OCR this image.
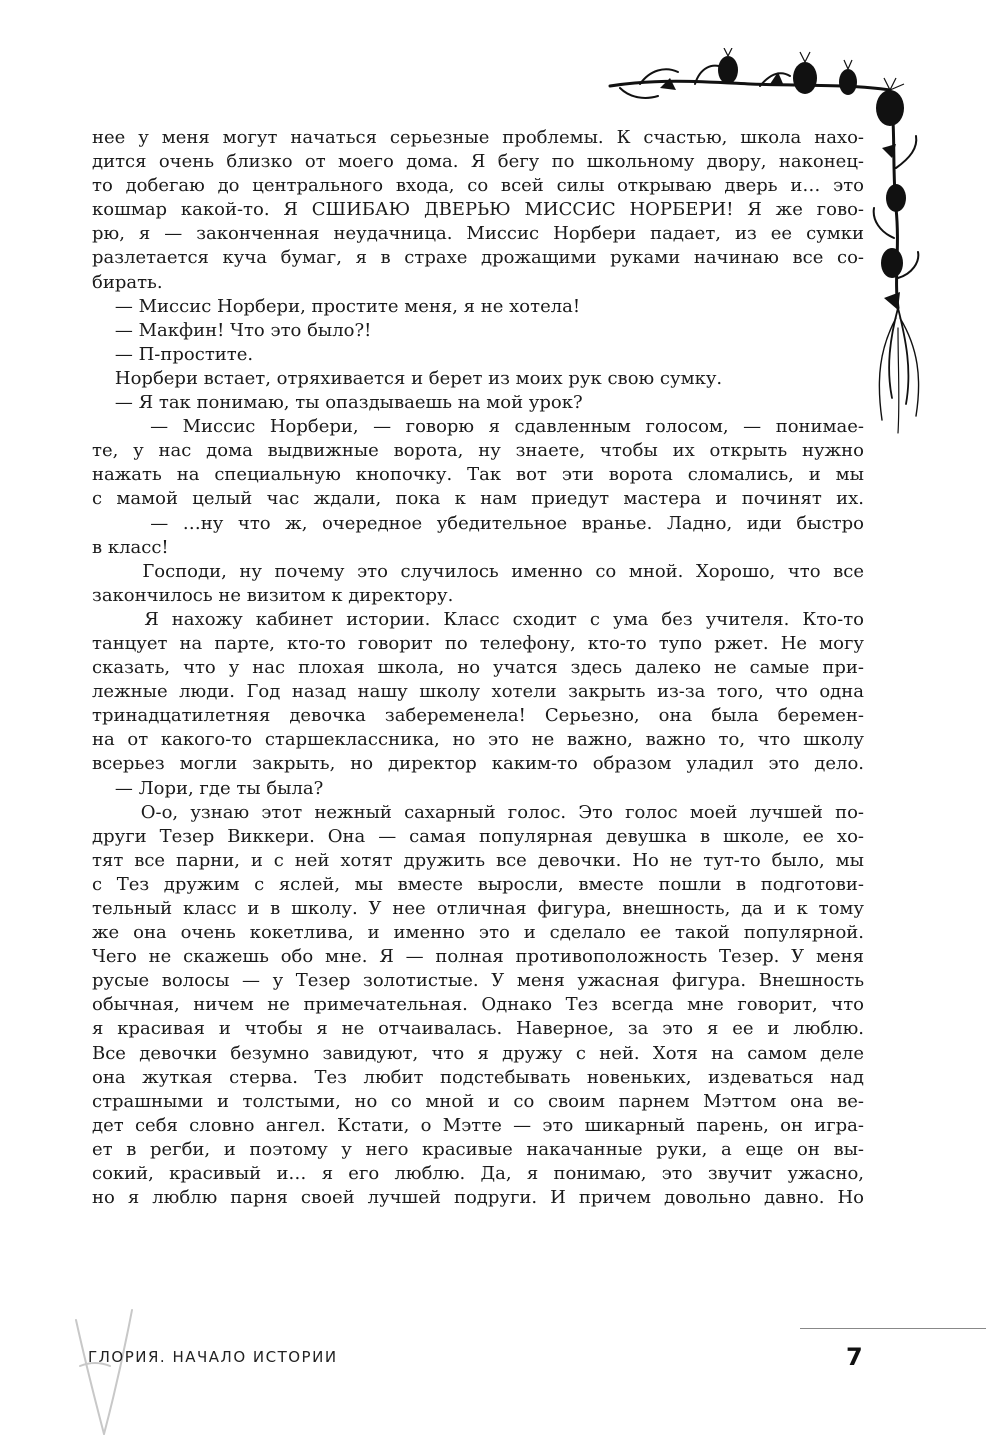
нее у меня могут начаться серьезные проблемы. К счастью, школа нахо-
дится очень близко от моего дома. Я бегу по школьному двору, наконец-
то добегаю до центрального входа, со всей силы открываю дверь и… это
кошмар какой-то. Я СШИБАЮ ДВЕРЬЮ МИССИС НОРБЕРИ! Я же гово-
рю, я — законченная неудачница. Миссис Норбери падает, из ее сумки
разлетается куча бумаг, я в страхе дрожащими руками начинаю все со-
бирать.
— Миссис Норбери, простите меня, я не хотела!
— Макфин! Что это было?!
— П-простите.
Норбери встает, отряхивается и берет из моих рук свою сумку.
— Я так понимаю, ты опаздываешь на мой урок?
— Миссис Норбери, — говорю я сдавленным голосом, — понимае-
те, у нас дома выдвижные ворота, ну знаете, чтобы их открыть нужно
нажать на специальную кнопочку. Так вот эти ворота сломались, и мы
с мамой целый час ждали, пока к нам приедут мастера и починят их.
— …ну что ж, очередное убедительное вранье. Ладно, иди быстро
в класс!
Господи, ну почему это случилось именно со мной. Хорошо, что все
закончилось не визитом к директору.
Я нахожу кабинет истории. Класс сходит с ума без учителя. Кто-то
танцует на парте, кто-то говорит по телефону, кто-то тупо ржет. Не могу
сказать, что у нас плохая школа, но учатся здесь далеко не самые при-
лежные люди. Год назад нашу школу хотели закрыть из-за того, что одна
тринадцатилетняя девочка забеременела! Серьезно, она была беремен-
на от какого-то старшеклассника, но это не важно, важно то, что школу
всерьез могли закрыть, но директор каким-то образом уладил это дело.
— Лори, где ты была?
О-о, узнаю этот нежный сахарный голос. Это голос моей лучшей по-
други Тезер Виккери. Она — самая популярная девушка в школе, ее хо-
тят все парни, и с ней хотят дружить все девочки. Но не тут-то было, мы
с Тез дружим с яслей, мы вместе выросли, вместе пошли в подготови-
тельный класс и в школу. У нее отличная фигура, внешность, да и к тому
же она очень кокетлива, и именно это и сделало ее такой популярной.
Чего не скажешь обо мне. Я — полная противоположность Тезер. У меня
русые волосы — у Тезер золотистые. У меня ужасная фигура. Внешность
обычная, ничем не примечательная. Однако Тез всегда мне говорит, что
я красивая и чтобы я не отчаивалась. Наверное, за это я ее и люблю.
Все девочки безумно завидуют, что я дружу с ней. Хотя на самом деле
она жуткая стерва. Тез любит подстебывать новеньких, издеваться над
страшными и толстыми, но со мной и со своим парнем Мэттом она ве-
дет себя словно ангел. Кстати, о Мэтте — это шикарный парень, он игра-
ет в регби, и поэтому у него красивые накачанные руки, а еще он вы-
сокий, красивый и… я его люблю. Да, я понимаю, это звучит ужасно,
но я люблю парня своей лучшей подруги. И причем довольно давно. Но
ГЛОРИЯ. НАЧАЛО ИСТОРИИ	7
